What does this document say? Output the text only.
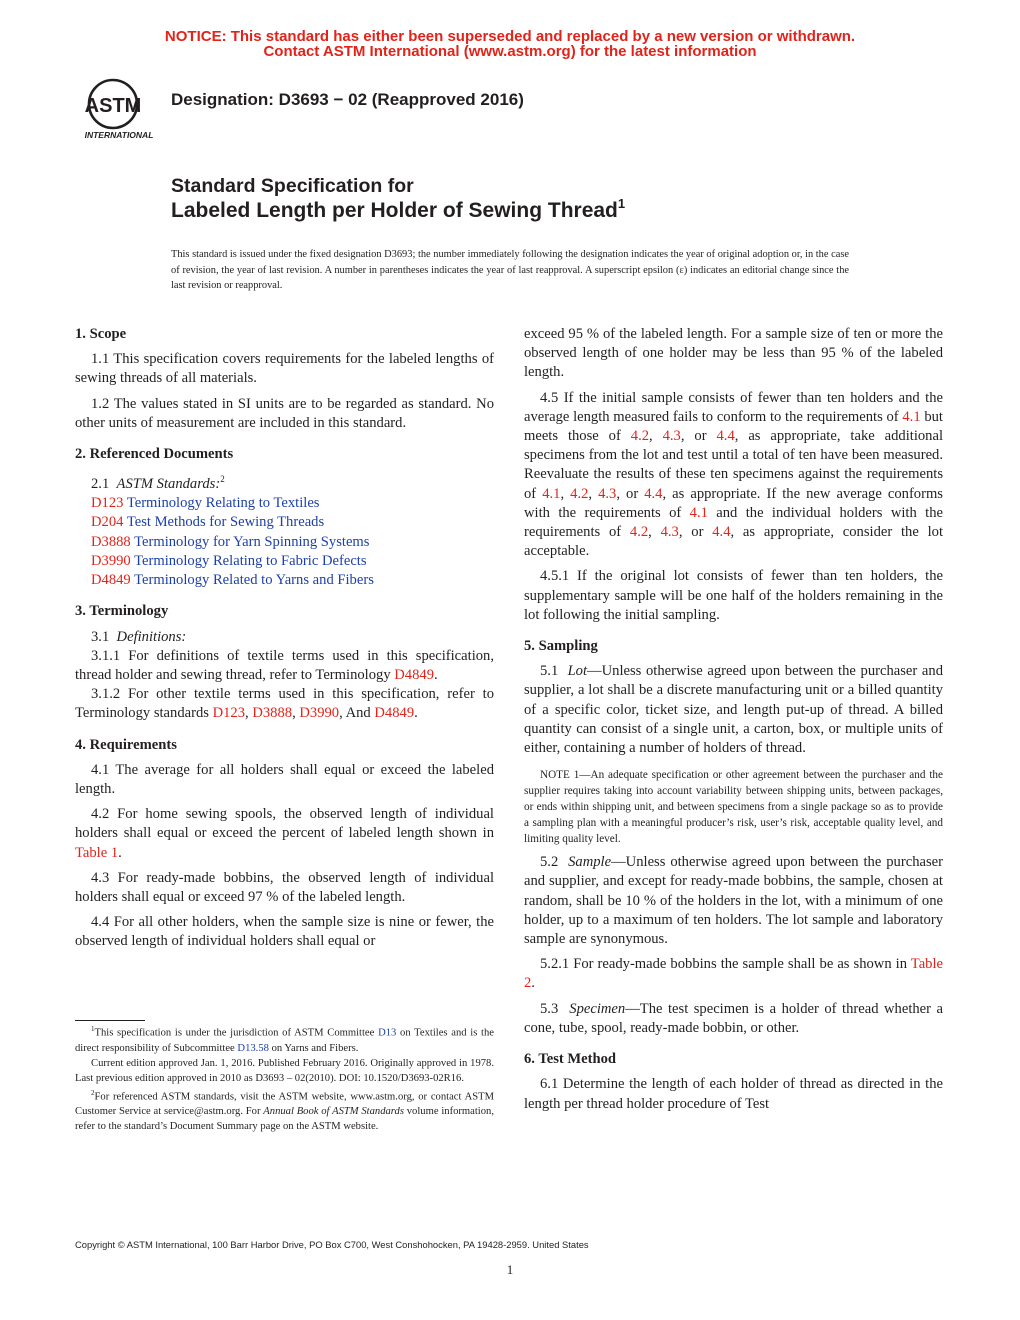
NOTICE: This standard has either been superseded and replaced by a new version or withdrawn.
Contact ASTM International (www.astm.org) for the latest information
ASTM
INTERNATIONAL
Designation: D3693 − 02 (Reapproved 2016)
Standard Specification for
Labeled Length per Holder of Sewing Thread$^1$
This standard is issued under the fixed designation D3693; the number immediately following the designation indicates the year of original adoption or, in the case of revision, the year of last revision. A number in parentheses indicates the year of last reapproval. A superscript epsilon (ε) indicates an editorial change since the last revision or reapproval.

1. Scope

1.1 This specification covers requirements for the labeled lengths of sewing threads of all materials.

1.2 The values stated in SI units are to be regarded as standard. No other units of measurement are included in this standard.

2. Referenced Documents

2.1 ASTM Standards:$^2$

D123 Terminology Relating to Textiles
D204 Test Methods for Sewing Threads
D3888 Terminology for Yarn Spinning Systems
D3990 Terminology Relating to Fabric Defects
D4849 Terminology Related to Yarns and Fibers

3. Terminology

3.1 Definitions:

3.1.1 For definitions of textile terms used in this specification, thread holder and sewing thread, refer to Terminology D4849.

3.1.2 For other textile terms used in this specification, refer to Terminology standards D123, D3888, D3990, And D4849.

4. Requirements

4.1 The average for all holders shall equal or exceed the labeled length.

4.2 For home sewing spools, the observed length of individual holders shall equal or exceed the percent of labeled length shown in Table 1.

4.3 For ready-made bobbins, the observed length of individual holders shall equal or exceed 97 % of the labeled length.

4.4 For all other holders, when the sample size is nine or fewer, the observed length of individual holders shall equal or

$^1$This specification is under the jurisdiction of ASTM Committee D13 on Textiles and is the direct responsibility of Subcommittee D13.58 on Yarns and Fibers.
Current edition approved Jan. 1, 2016. Published February 2016. Originally approved in 1978. Last previous edition approved in 2010 as D3693 – 02(2010). DOI: 10.1520/D3693-02R16.
$^2$For referenced ASTM standards, visit the ASTM website, www.astm.org, or contact ASTM Customer Service at service@astm.org. For Annual Book of ASTM Standards volume information, refer to the standard’s Document Summary page on the ASTM website.

exceed 95 % of the labeled length. For a sample size of ten or more the observed length of one holder may be less than 95 % of the labeled length.

4.5 If the initial sample consists of fewer than ten holders and the average length measured fails to conform to the requirements of 4.1 but meets those of 4.2, 4.3, or 4.4, as appropriate, take additional specimens from the lot and test until a total of ten have been measured. Reevaluate the results of these ten specimens against the requirements of 4.1, 4.2, 4.3, or 4.4, as appropriate. If the new average conforms with the requirements of 4.1 and the individual holders with the requirements of 4.2, 4.3, or 4.4, as appropriate, consider the lot acceptable.

4.5.1 If the original lot consists of fewer than ten holders, the supplementary sample will be one half of the holders remaining in the lot following the initial sampling.

5. Sampling

5.1  Lot—Unless otherwise agreed upon between the purchaser and supplier, a lot shall be a discrete manufacturing unit or a billed quantity of a specific color, ticket size, and length put-up of thread. A billed quantity can consist of a single unit, a carton, box, or multiple units of either, containing a number of holders of thread.

NOTE 1—An adequate specification or other agreement between the purchaser and the supplier requires taking into account variability between shipping units, between packages, or ends within shipping unit, and between specimens from a single package so as to provide a sampling plan with a meaningful producer’s risk, user’s risk, acceptable quality level, and limiting quality level.

5.2  Sample—Unless otherwise agreed upon between the purchaser and supplier, and except for ready-made bobbins, the sample, chosen at random, shall be 10 % of the holders in the lot, with a minimum of one holder, up to a maximum of ten holders. The lot sample and laboratory sample are synonymous.

5.2.1 For ready-made bobbins the sample shall be as shown in Table 2.

5.3  Specimen—The test specimen is a holder of thread whether a cone, tube, spool, ready-made bobbin, or other.

6. Test Method

6.1 Determine the length of each holder of thread as directed in the length per thread holder procedure of Test

Copyright © ASTM International, 100 Barr Harbor Drive, PO Box C700, West Conshohocken, PA 19428-2959. United States
1
